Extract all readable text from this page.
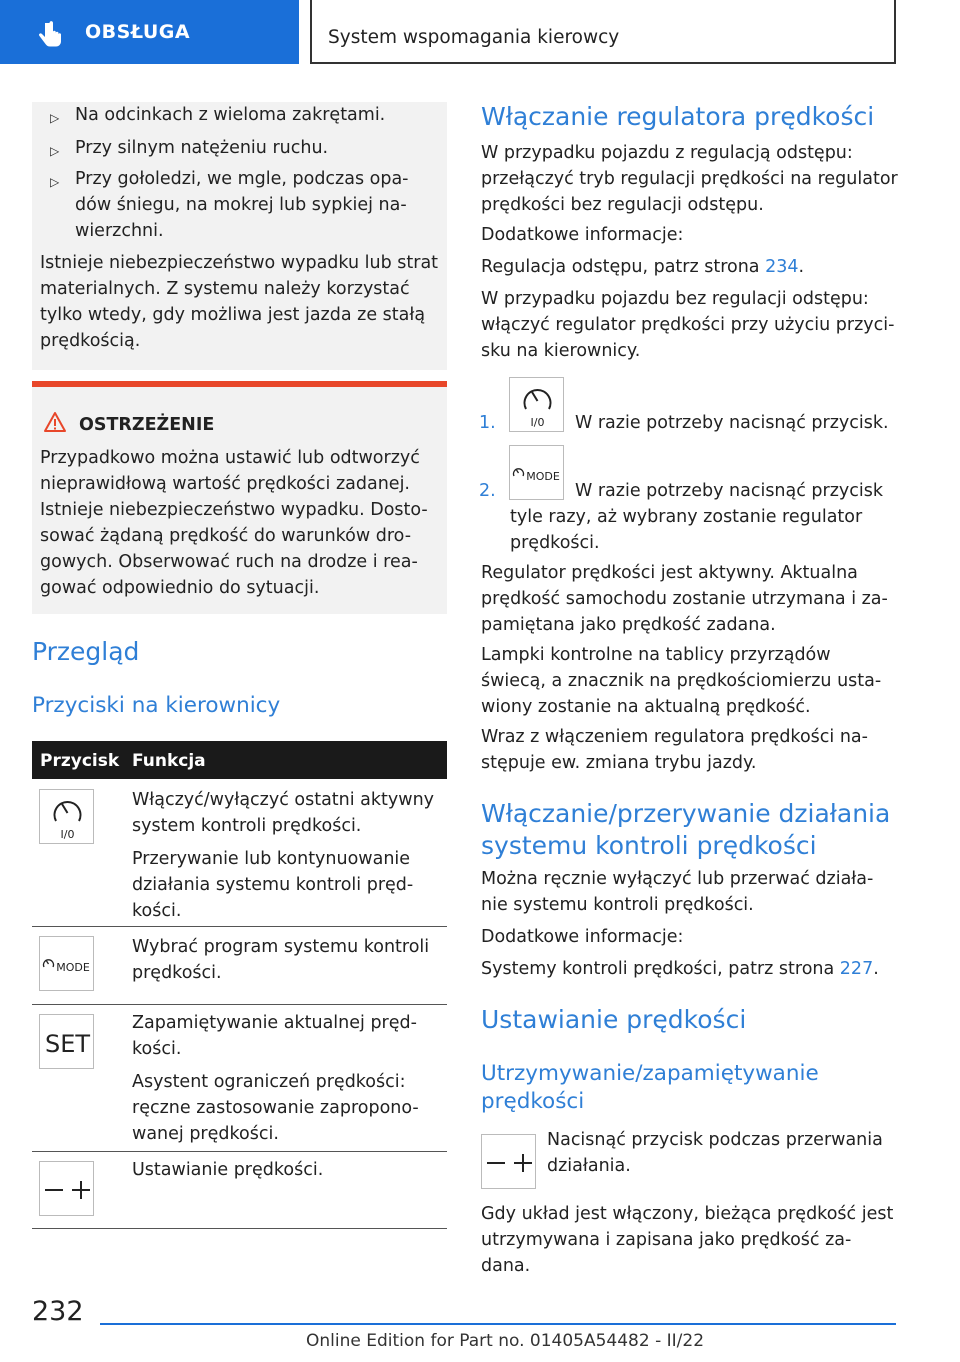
OBSŁUGA	System wspomagania kierowcy
▷ Na odcinkach z wieloma zakrętami.
▷ Przy silnym natężeniu ruchu.
▷ Przy gołoledzi, we mgle, podczas opa-
dów śniegu, na mokrej lub sypkiej na-
wierzchni.
Istnieje niebezpieczeństwo wypadku lub strat
materialnych. Z systemu należy korzystać
tylko wtedy, gdy możliwa jest jazda ze stałą
prędkością.
OSTRZEŻENIE
Przypadkowo można ustawić lub odtworzyć
nieprawidłową wartość prędkości zadanej.
Istnieje niebezpieczeństwo wypadku. Dosto-
sować żądaną prędkość do warunków dro-
gowych. Obserwować ruch na drodze i rea-
gować odpowiednio do sytuacji.
Przegląd
Przyciski na kierownicy
Przycisk Funkcja
I/0
Włączyć/wyłączyć ostatni aktywny
system kontroli prędkości.
Przerywanie lub kontynuowanie
działania systemu kontroli pręd-
kości.
MODE
Wybrać program systemu kontroli
prędkości.
SET
Zapamiętywanie aktualnej pręd-
kości.
Asystent ograniczeń prędkości:
ręczne zastosowanie zapropono-
wanej prędkości.
Ustawianie prędkości.
Włączanie regulatora prędkości
W przypadku pojazdu z regulacją odstępu:
przełączyć tryb regulacji prędkości na regulator
prędkości bez regulacji odstępu.
Dodatkowe informacje:
Regulacja odstępu, patrz strona 234.
W przypadku pojazdu bez regulacji odstępu:
włączyć regulator prędkości przy użyciu przyci-
sku na kierownicy.
1.	I/0 W razie potrzeby nacisnąć przycisk.
2.
MODE
W razie potrzeby nacisnąć przycisk
tyle razy, aż wybrany zostanie regulator
prędkości.
Regulator prędkości jest aktywny. Aktualna
prędkość samochodu zostanie utrzymana i za-
pamiętana jako prędkość zadana.
Lampki kontrolne na tablicy przyrządów
świecą, a znacznik na prędkościomierzu usta-
wiony zostanie na aktualną prędkość.
Wraz z włączeniem regulatora prędkości na-
stępuje ew. zmiana trybu jazdy.
Włączanie/przerywanie działania
systemu kontroli prędkości
Można ręcznie wyłączyć lub przerwać działa-
nie systemu kontroli prędkości.
Dodatkowe informacje:
Systemy kontroli prędkości, patrz strona 227.
Ustawianie prędkości
Utrzymywanie/zapamiętywanie
prędkości
Nacisnąć przycisk podczas przerwania
działania.
Gdy układ jest włączony, bieżąca prędkość jest
utrzymywana i zapisana jako prędkość za-
dana.
232
Online Edition for Part no. 01405A54482 - II/22
